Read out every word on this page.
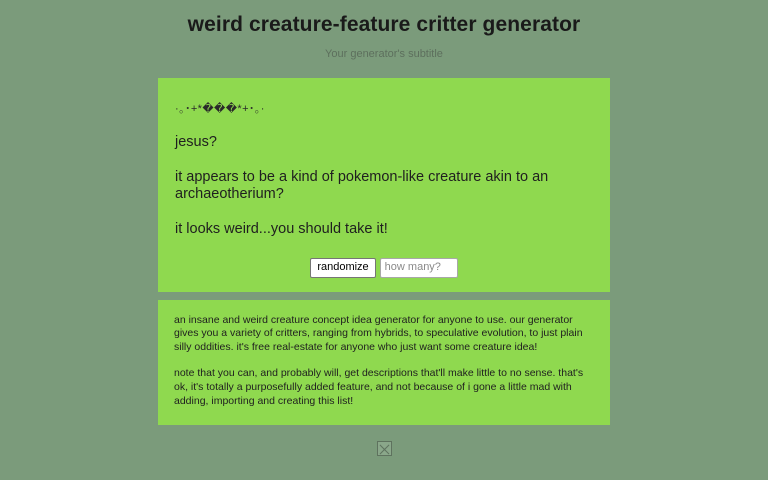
weird creature-feature critter generator

Your generator's subtitle

·｡･+*���*+･｡·

jesus?

it appears to be a kind of pokemon-like creature akin to an archaeotherium?

it looks weird...you should take it!

randomize
how many?

an insane and weird creature concept idea generator for anyone to use. our generator gives you a variety of critters, ranging from hybrids, to speculative evolution, to just plain silly oddities. it's free real-estate for anyone who just want some creature idea!

note that you can, and probably will, get descriptions that'll make little to no sense. that's ok, it's totally a purposefully added feature, and not because of i gone a little mad with adding, importing and creating this list!
